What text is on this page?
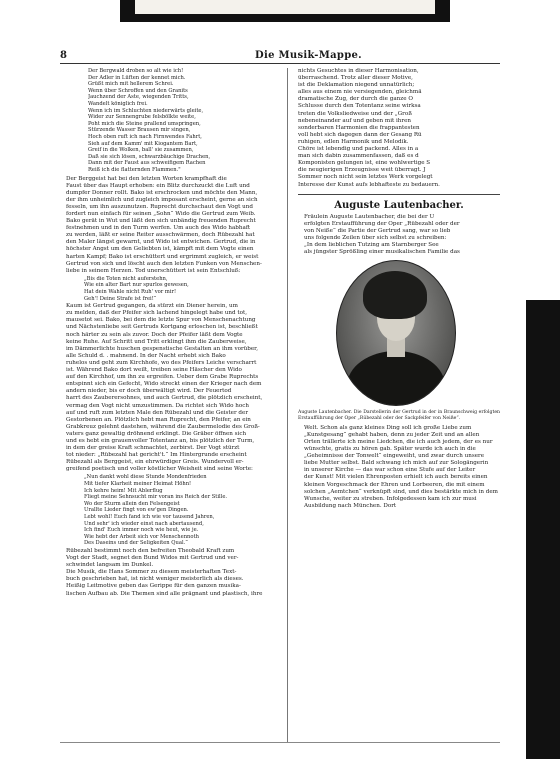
8	Die Musik-Mappe.
Der Bergwald droben so alt wie ich!
Der Adler in Lüften der kennet mich.
Grüßt mich mit hellerem Schrei.
Wenn über Schroffen und den Granits
Jauchzend der Aste, wiegenden Tritts,
Wandelt königlich frei.
Wenn ich im Schluchten niederwärts gleite,
Wider zur Sennengrube felsbölkte weite,
Poht mich die Steine prallend umspringen,
Stürzende Wasser Brausen mir singen,
Hoch oben ruft ich nach Firnwendes Fahrt,
Sieh auf dem Kamm' mit Kiogantem Bart,
Greif in die Wolken, ball' sie zusammen,
Daß sie sich lösen, schwarzbäuchige Drachen,
Dann mit der Faust aus schweifigem Rachen
Reiß ich die flatternden Flammen."
Der Berggeist hat bei den letzten Worten krampfhaft die
Faust über das Haupt erhoben: ein Blitz durchzuckt die Luft und
dumpfer Donner rollt. Bako ist erschrocken und möchte den Mann,
der ihm unheimlich und zugleich imposant erscheint, gerne an sich
fesseln, um ihn auszunutzen. Ruprecht durchschaut den Vogt und
fordert nun einfach für seinen „Sohn“ Wido die Gertrud zum Weib.
Bako gerät in Wut und läßt den sich unbändig freuenden Ruprecht
festnehmen und in den Turm werfen. Um auch des Wido habhaft
zu werden, läßt er seine Reiter ausschwärmen, doch Rübezahl hat
den Maler längst gewarnt, und Wido ist entwichen. Gertrud, die in
höchster Angst um den Geliebten ist, kämpft mit dem Vogte einen
harten Kampf; Bako ist erschüttert und ergrimmt zugleich, er weist
Gertrud von sich und löscht auch den letzten Funken von Menschen-
liebe in seinem Herzen. Tod unerschüttert ist sein Entschluß:
„Bis die Toten nicht auferstehn,
Wie ein alter Bart nur spurlos gewesen,
Hat dein Wahle nicht Ruh' vor mir!
Geh'! Deine Strafe ist frei!“
Kaum ist Gertrud gegangen, da stürzt ein Diener herein, um
zu melden, daß der Pfeifer sich lachend hingelegt habe und tot,
mausetot sei. Bako, bei dem die letzte Spur von Menschenachtung
und Nächstenliebe seit Gertruds Kortgang erloschen ist, beschließt
noch härter zu sein als zuvor. Doch der Pfeifer läßt dem Vogte
keine Ruhe. Auf Schritt und Tritt erklingt ihm die Zauberweise,
im Dämmerlichte huschen gespenstische Gestalten an ihm vorüber,
alle Schuld d. . mahnend. In der Nacht erhebt sich Bako
ruhelos und geht zum Kirchhofe, wo des Pfeifers Leiche verscharrt
ist. Während Bako dort weilt, treiben seine Häscher den Wido
auf den Kirchhof, um ihn zu ergreifen. Ueber dem Grabe Ruprechts
entspinnt sich ein Gefecht, Wido streckt einen der Krieger nach dem
andern nieder, bis er doch überwältigt wird. Der Feuertod
harrt des Zauberersohnes, und auch Gertrud, die plötzlich erscheint,
vermag den Vogt nicht umzustimmen. Da richtet sich Wido hoch
auf und ruft zum letzten Male den Rübezahl und die Geister der
Gestorbenen an. Plötzlich hebt man Ruprecht, den Pfeifer, an ein
Grabkreuz gelehnt dastehen, während die Zaubermelodie des Groß-
vaters ganz gewaltig dröhnend erklingt. Die Gräber öffnen sich
und es hebt ein grauenvoller Totentanz an, bis plötzlich der Turm,
in dem der greise Kraft schmachtet, zerbirst. Der Vogt stürzt
tot nieder: „Rübezahl hat gericht't.“ Im Hintergrunde erscheint
Rübezahl als Berggeist, ein ehrwürdiger Greis. Wundervoll er-
greifend poetisch und voller köstlicher Weisheit sind seine Worte:
„Nun dankt wohl diese Stunde Mondenfrieden
Mit tiefer Klarheit meiner Heimat Höhn!
Ich kehre heim! Mit Ablerflug
Fliegt meine Sehnsucht mir voran ins Reich der Stille.
Wo der Sturm allein den Felsengeist
Urallte Lieder fingt von ew'gen Dingen.
Lebt wohl! Euch fand ich wie vor tausend Jahren,
Und sehr' ich wieder einst nach abertausend,
Ich find' Euch immer noch wie heut, wie je.
Wie hebt der Arbeit sich vor Menschennoth
Des Daseins und der Seligkeiten Qual.“
Rübezahl bestimmt noch den befreiten Theobald Kraft zum
Vogt der Stadt, segnet den Bund Widos mit Gertrud und ver-
schwindet langsam im Dunkel.
Die Musik, die Hans Sommer zu diesem meisterhaften Text-
buch geschrieben hat, ist nicht weniger meisterlich als dieses.
Heißig Leitmotive geben das Gerippe für den ganzen musika-
lischen Aufbau ab. Die Themen sind alle prägnant und plastisch, ihre
nichts Gesuchtes in dieser Harmonisation,
überraschend. Trotz aller dieser Motive,
ist die Deklamation niegend unnatürlich;
alles aus einem nie versiegenden, gleichmä
dramatische Zug, der durch die ganze O
Schlusse durch den Totentanz seine wirksa
treten die Volksliedweise und der „Groß
nebeneinander auf und geben mit ihren
sonderbaren Harmonien die frappantesten
voll hebt sich dagegen dann der Gesang Rü
ruhigen, edlen Harmonik und Melodik.
Chöre ist lebendig und packend. Alles in a
man sich dabin zusammenfassen, daß es d
Komponisten gelungen ist, eine wohlwertige S
die neugierigen Erzeugnisse weit überragt. J
Sommer noch nicht sein letztes Werk vorgelegt
Interesse der Kunst aufs lebhafteste zu bedauern.
Auguste Lautenbacher.
Fräulein Auguste Lautenbacher, die bei der U
erfolgten Erstaufführung der Oper „Rübezahl oder der
von Neiße“ die Partie der Gertrud sang, war so lieb
uns folgende Zeilen über sich selbst zu schreiben:
„In dem lieblichen Tutzing am Starnberger See
als jüngster Sprößling einer musikalischen Familie das
Auguste Lautenbacher. Die Darstellerin der Gertrud in der in Braunschweig erfolgten Erstaufführung der Oper „Rübezahl oder der Sackpfeifer von Neiße“.
Welt. Schon als ganz kleines Ding soll ich große Liebe zum
„Kunstgesang“ gehabt haben, denn zu jeder Zeit und an allen
Orten trällerte ich meine Liedchen, die ich auch jedem, der es nur
wünschte, gratis zu hören gab. Später wurde ich auch in die
„Geheimnisse der Tonwelt“ eingeweiht, und zwar durch unsere
liebe Mutter selbst. Bald schwang ich mich auf zur Sologängerin
in unserer Kirche — das war schon eine Stufe auf der Leiter
der Kunst! Mit vielen Ehrenposten erhielt ich auch bereits einen
kleinen Vorgeschmack der Ehren und Lorbeeren, die mit einem
solchen „Aemtchen“ verknüpft sind, und dies bestärkte mich in dem
Wunsche, weiter zu streben. Infolgedessen kam ich zur musi
Ausbildung nach München. Dort
